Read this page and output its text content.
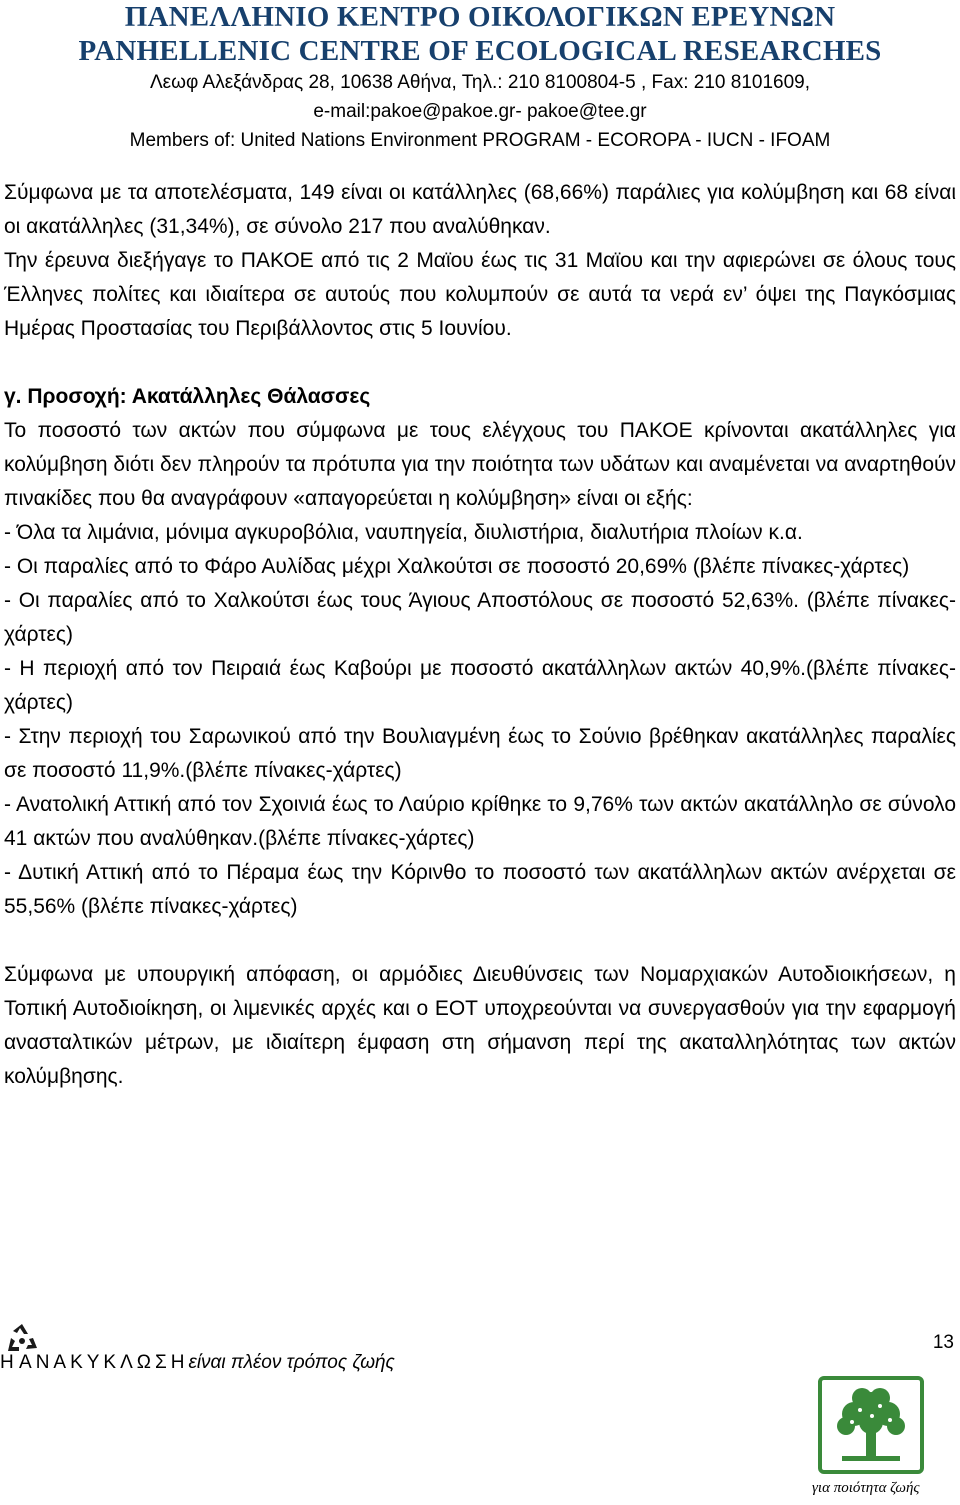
ΠΑΝΕΛΛΗΝΙΟ ΚΕΝΤΡΟ ΟΙΚΟΛΟΓΙΚΩΝ ΕΡΕΥΝΩΝ
PANHELLENIC CENTRE OF ECOLOGICAL RESEARCHES
Λεωφ Αλεξάνδρας 28, 10638 Αθήνα, Τηλ.: 210 8100804-5 , Fax: 210 8101609,
e-mail:pakoe@pakoe.gr- pakoe@tee.gr
Members of: United Nations Environment PROGRAM - ECOROPA - IUCN - IFOAM

Σύμφωνα με τα αποτελέσματα, 149 είναι οι κατάλληλες (68,66%) παράλιες για κολύμβηση και 68 είναι οι ακατάλληλες (31,34%), σε σύνολο 217 που αναλύθηκαν.

Την έρευνα διεξήγαγε το ΠΑΚΟΕ από τις 2 Μαϊου έως τις 31 Μαϊου και την αφιερώνει σε όλους τους Έλληνες πολίτες και ιδιαίτερα σε αυτούς που κολυμπούν σε αυτά τα νερά εν’ όψει της Παγκόσμιας Ημέρας Προστασίας του Περιβάλλοντος στις 5 Ιουνίου.

γ. Προσοχή: Ακατάλληλες Θάλασσες

Το ποσοστό των ακτών που σύμφωνα με τους ελέγχους του ΠΑΚΟΕ κρίνονται ακατάλληλες για κολύμβηση διότι δεν πληρούν τα πρότυπα για την ποιότητα των υδάτων και αναμένεται να αναρτηθούν πινακίδες που θα αναγράφουν «απαγορεύεται η κολύμβηση» είναι οι εξής:

- Όλα τα λιμάνια, μόνιμα αγκυροβόλια, ναυπηγεία, διυλιστήρια, διαλυτήρια πλοίων κ.α.

- Οι παραλίες από το Φάρο Αυλίδας μέχρι Χαλκούτσι σε ποσοστό 20,69% (βλέπε πίνακες-χάρτες)

- Οι παραλίες από το Χαλκούτσι έως τους Άγιους Αποστόλους σε ποσοστό 52,63%. (βλέπε πίνακες-χάρτες)

- Η περιοχή από τον Πειραιά έως Καβούρι με ποσοστό ακατάλληλων ακτών 40,9%.(βλέπε πίνακες-χάρτες)

- Στην περιοχή του Σαρωνικού από την Βουλιαγμένη έως το Σούνιο βρέθηκαν ακατάλληλες παραλίες σε ποσοστό 11,9%.(βλέπε πίνακες-χάρτες)

- Ανατολική Αττική από τον Σχοινιά έως το Λαύριο κρίθηκε το 9,76% των ακτών ακατάλληλο σε σύνολο 41 ακτών που αναλύθηκαν.(βλέπε πίνακες-χάρτες)

- Δυτική Αττική από το Πέραμα έως την Κόρινθο το ποσοστό των ακατάλληλων ακτών ανέρχεται σε 55,56% (βλέπε πίνακες-χάρτες)

Σύμφωνα με υπουργική απόφαση, οι αρμόδιες Διευθύνσεις των Νομαρχιακών Αυτοδιοικήσεων, η Τοπική Αυτοδιοίκηση, οι λιμενικές αρχές και ο ΕΟΤ υποχρεούνται να συνεργασθούν για την εφαρμογή ανασταλτικών μέτρων, με ιδιαίτερη έμφαση στη σήμανση περί της ακαταλληλότητας των ακτών κολύμβησης.

Η ΑΝΑΚΥΚΛΩΣΗείναι πλέον τρόπος ζωής
13
για ποιότητα ζωής
